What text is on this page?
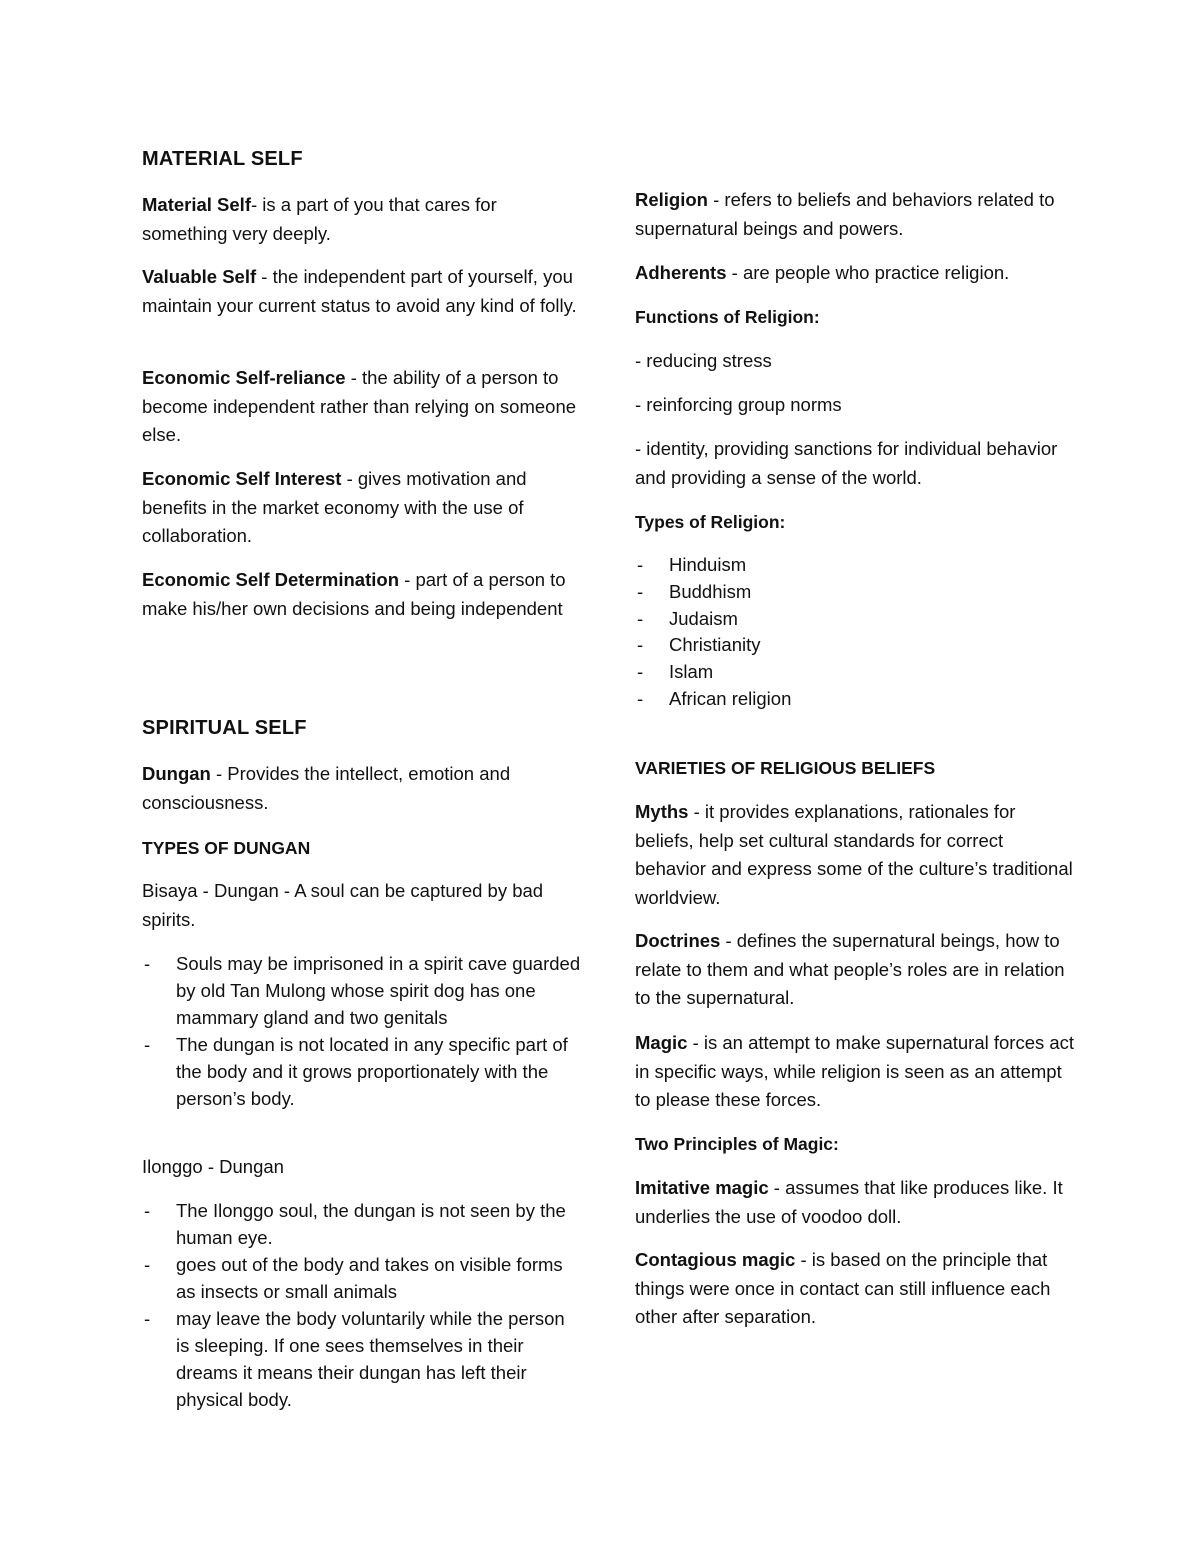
MATERIAL SELF

Material Self- is a part of you that cares for something very deeply.

Valuable Self - the independent part of yourself, you maintain your current status to avoid any kind of folly.

Economic Self-reliance - the ability of a person to become independent rather than relying on someone else.

Economic Self Interest - gives motivation and benefits in the market economy with the use of collaboration.

Economic Self Determination - part of a person to make his/her own decisions and being independent

SPIRITUAL SELF

Dungan - Provides the intellect, emotion and consciousness.

TYPES OF DUNGAN

Bisaya - Dungan - A soul can be captured by bad spirits.

- Souls may be imprisoned in a spirit cave guarded by old Tan Mulong whose spirit dog has one mammary gland and two genitals
- The dungan is not located in any specific part of the body and it grows proportionately with the person’s body.

Ilonggo - Dungan

- The Ilonggo soul, the dungan is not seen by the human eye.
- goes out of the body and takes on visible forms as insects or small animals
- may leave the body voluntarily while the person is sleeping. If one sees themselves in their dreams it means their dungan has left their physical body.

Religion - refers to beliefs and behaviors related to supernatural beings and powers.

Adherents - are people who practice religion.

Functions of Religion:

- reducing stress

- reinforcing group norms

- identity, providing sanctions for individual behavior and providing a sense of the world.

Types of Religion:

- Hinduism
- Buddhism
- Judaism
- Christianity
- Islam
- African religion

VARIETIES OF RELIGIOUS BELIEFS

Myths - it provides explanations, rationales for beliefs, help set cultural standards for correct behavior and express some of the culture’s traditional worldview.

Doctrines - defines the supernatural beings, how to relate to them and what people’s roles are in relation to the supernatural.

Magic - is an attempt to make supernatural forces act in specific ways, while religion is seen as an attempt to please these forces.

Two Principles of Magic:

Imitative magic - assumes that like produces like. It underlies the use of voodoo doll.

Contagious magic - is based on the principle that things were once in contact can still influence each other after separation.
